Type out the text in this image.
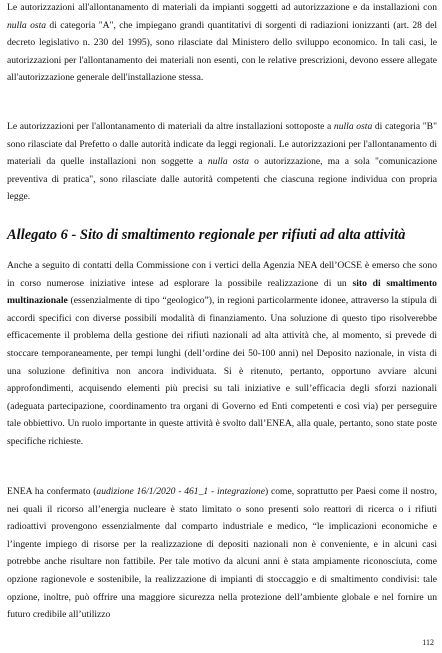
Le autorizzazioni all'allontanamento di materiali da impianti soggetti ad autorizzazione e da installazioni con nulla osta di categoria "A", che impiegano grandi quantitativi di sorgenti di radiazioni ionizzanti (art. 28 del decreto legislativo n. 230 del 1995), sono rilasciate dal Ministero dello sviluppo economico. In tali casi, le autorizzazioni per l'allontanamento dei materiali non esenti, con le relative prescrizioni, devono essere allegate all'autorizzazione generale dell'installazione stessa.

Le autorizzazioni per l'allontanamento di materiali da altre installazioni sottoposte a nulla osta di categoria "B" sono rilasciate dal Prefetto o dalle autorità indicate da leggi regionali. Le autorizzazioni per l'allontanamento di materiali da quelle installazioni non soggette a nulla osta o autorizzazione, ma a sola "comunicazione preventiva di pratica", sono rilasciate dalle autorità competenti che ciascuna regione individua con propria legge.

Allegato 6 - Sito di smaltimento regionale per rifiuti ad alta attività

Anche a seguito di contatti della Commissione con i vertici della Agenzia NEA dell’OCSE è emerso che sono in corso numerose iniziative intese ad esplorare la possibile realizzazione di un sito di smaltimento multinazionale (essenzialmente di tipo “geologico”), in regioni particolarmente idonee, attraverso la stipula di accordi specifici con diverse possibili modalità di finanziamento. Una soluzione di questo tipo risolverebbe efficacemente il problema della gestione dei rifiuti nazionali ad alta attività che, al momento, si prevede di stoccare temporaneamente, per tempi lunghi (dell’ordine dei 50-100 anni) nel Deposito nazionale, in vista di una soluzione definitiva non ancora individuata. Si è ritenuto, pertanto, opportuno avviare alcuni approfondimenti, acquisendo elementi più precisi su tali iniziative e sull’efficacia degli sforzi nazionali (adeguata partecipazione, coordinamento tra organi di Governo ed Enti competenti e così via) per perseguire tale obbiettivo. Un ruolo importante in queste attività è svolto dall’ENEA, alla quale, pertanto, sono state poste specifiche richieste.

ENEA ha confermato (audizione 16/1/2020 - 461_1 - integrazione) come, soprattutto per Paesi come il nostro, nei quali il ricorso all’energia nucleare è stato limitato o sono presenti solo reattori di ricerca o i rifiuti radioattivi provengono essenzialmente dal comparto industriale e medico, “le implicazioni economiche e l’ingente impiego di risorse per la realizzazione di depositi nazionali non è conveniente, e in alcuni casi potrebbe anche risultare non fattibile. Per tale motivo da alcuni anni è stata ampiamente riconosciuta, come opzione ragionevole e sostenibile, la realizzazione di impianti di stoccaggio e di smaltimento condivisi: tale opzione, inoltre, può offrire una maggiore sicurezza nella protezione dell’ambiente globale e nel fornire un futuro credibile all’utilizzo

112
